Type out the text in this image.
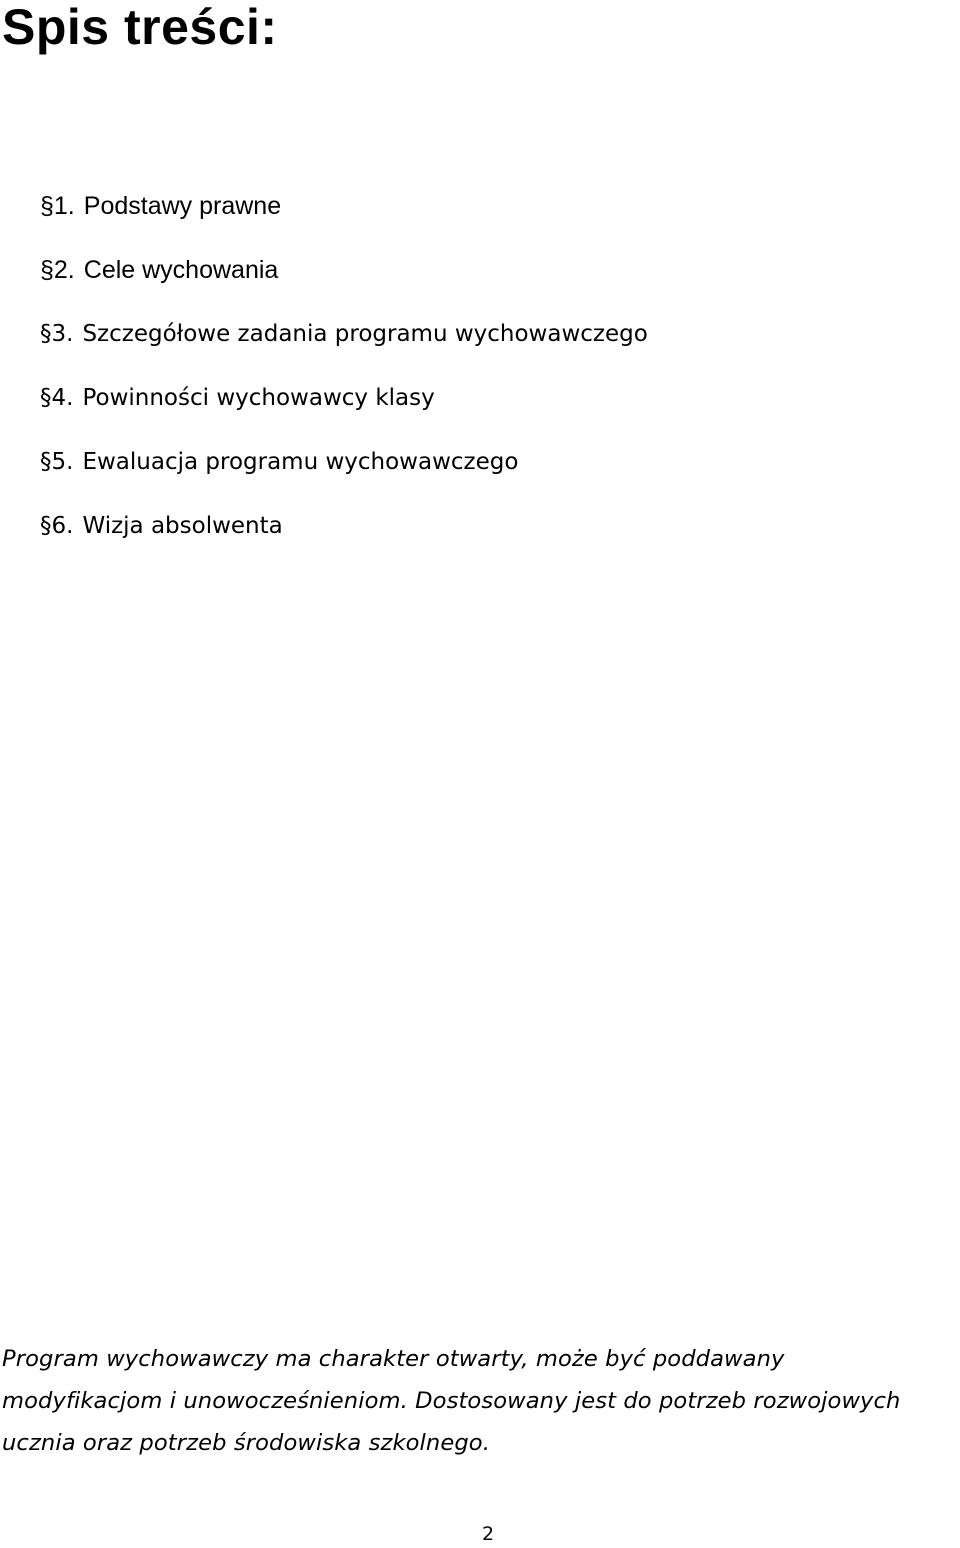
Spis treści:
§1. Podstawy prawne
§2. Cele wychowania
§3. Szczegółowe zadania programu wychowawczego
§4. Powinności wychowawcy klasy
§5. Ewaluacja programu wychowawczego
§6. Wizja absolwenta

Program wychowawczy ma charakter otwarty, może być poddawany
modyfikacjom i unowocześnieniom. Dostosowany jest do potrzeb rozwojowych
ucznia oraz potrzeb środowiska szkolnego.

2
